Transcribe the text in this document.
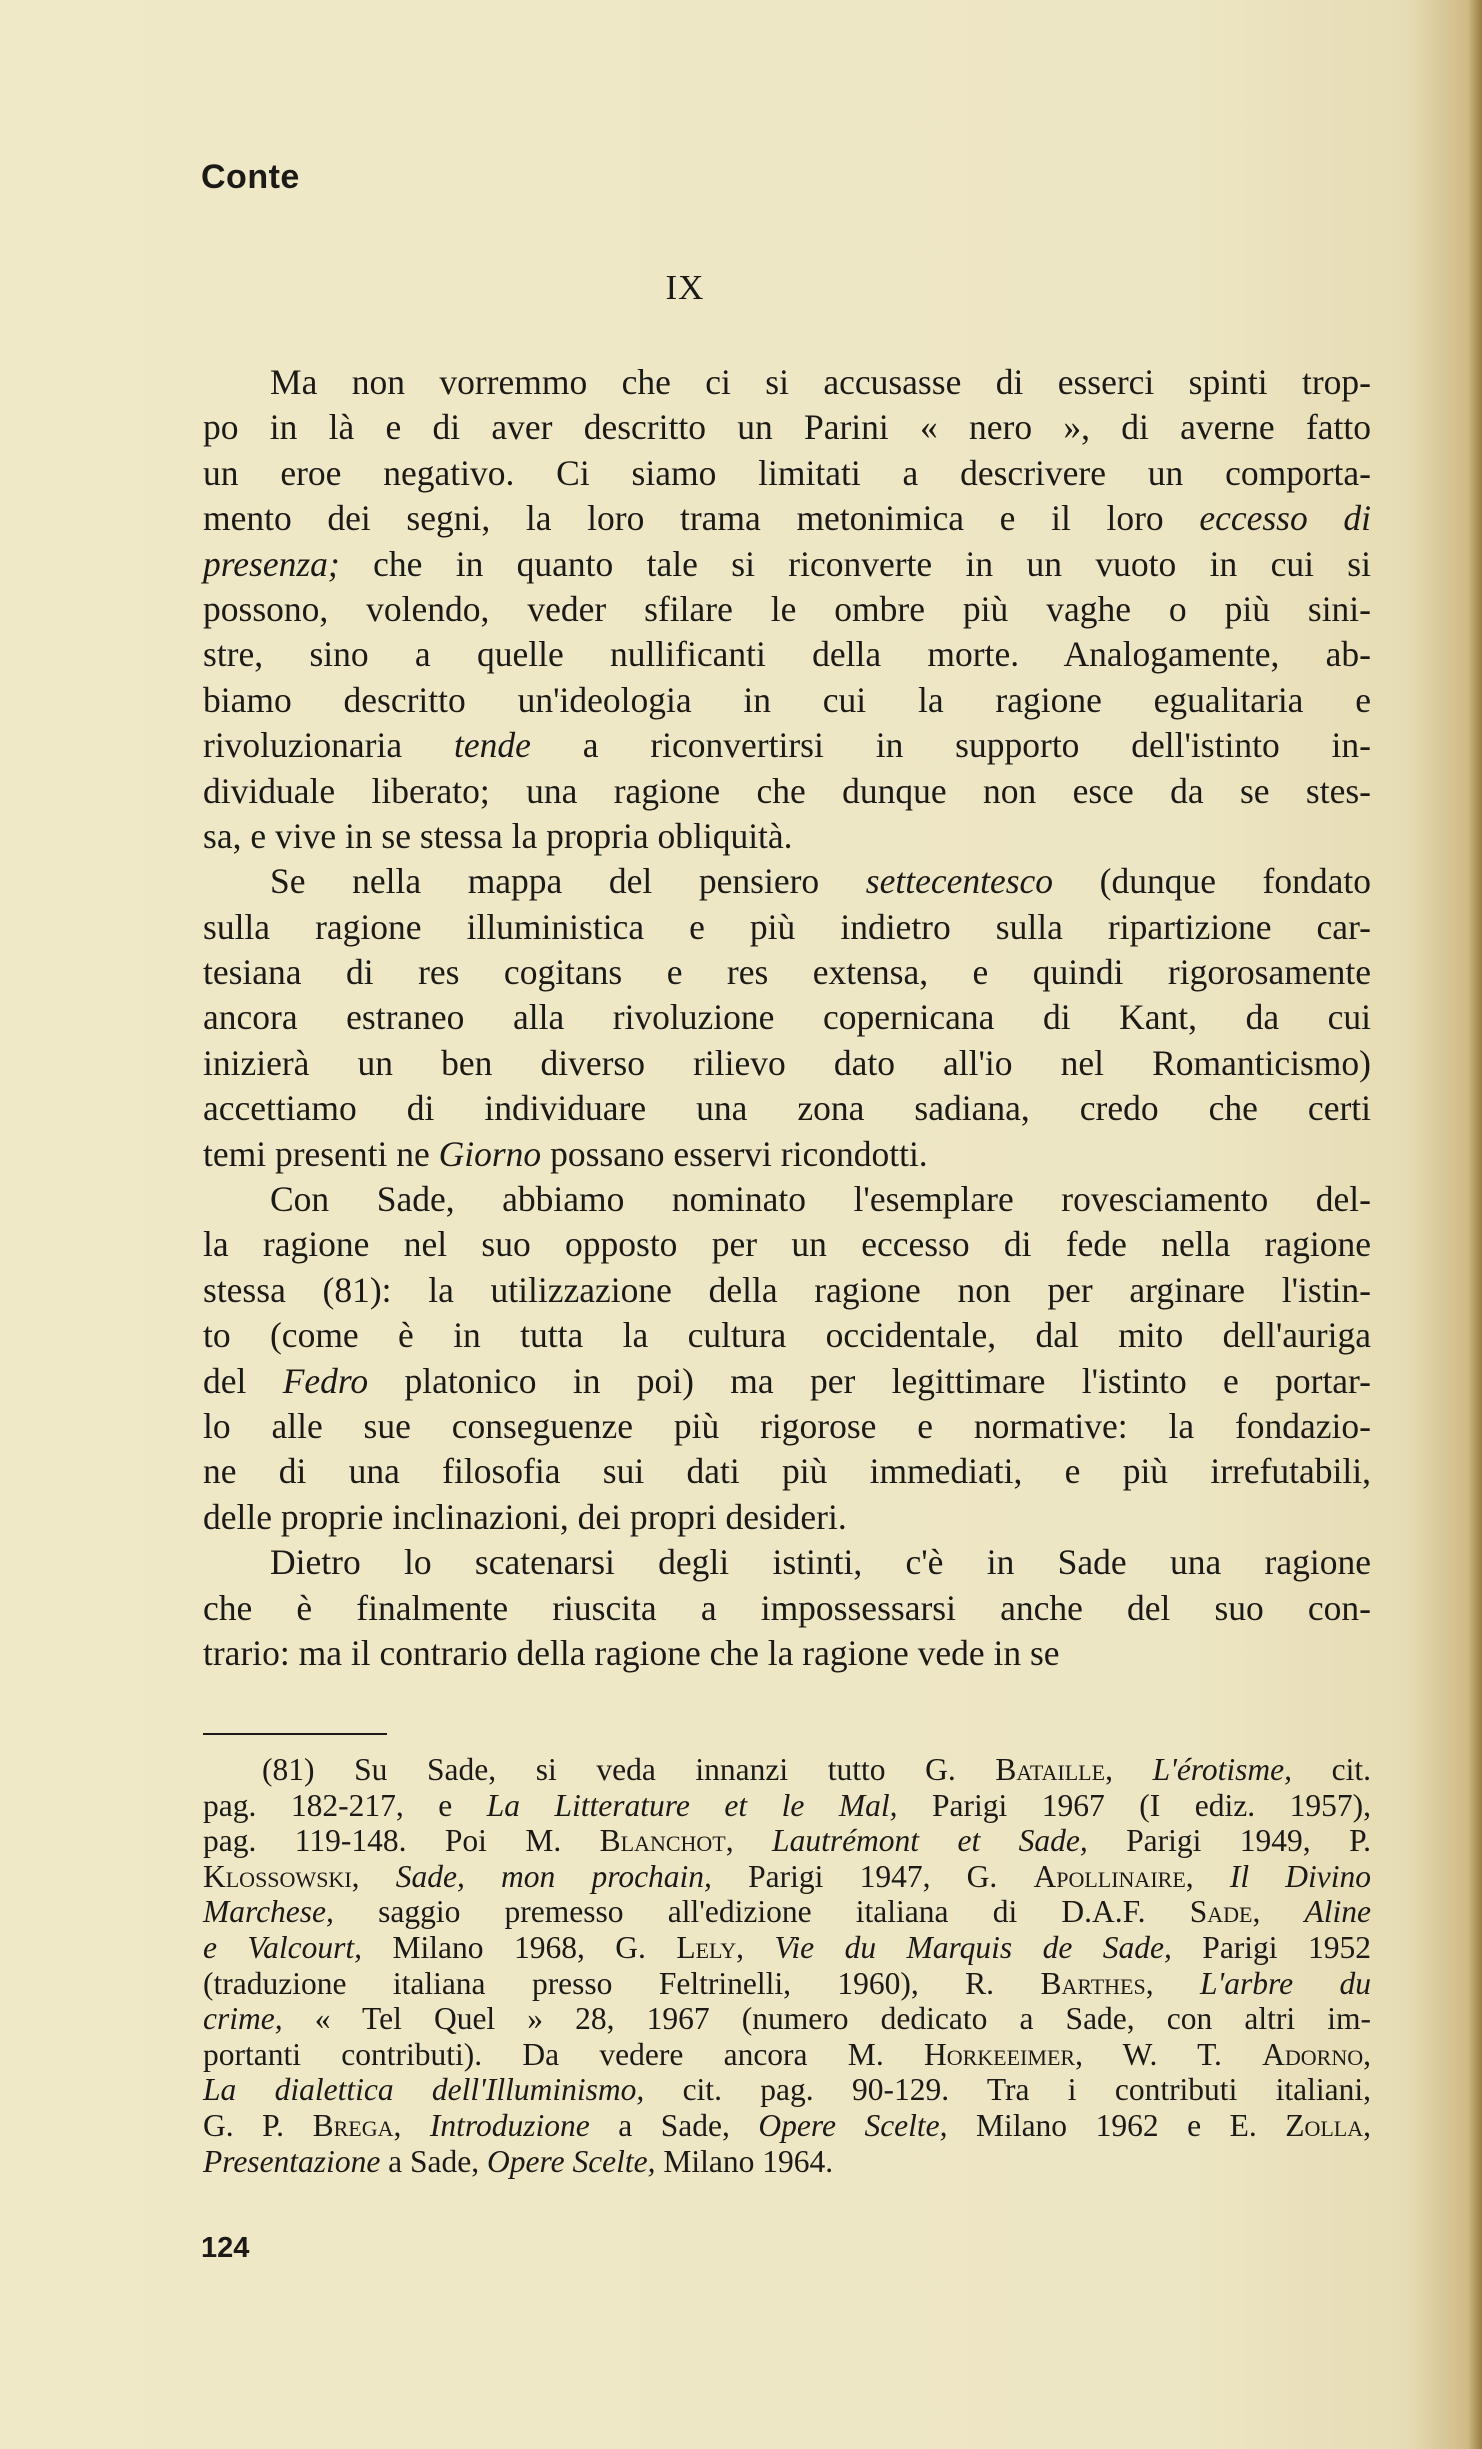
Conte
IX
Ma non vorremmo che ci si accusasse di esserci spinti trop-
po in là e di aver descritto un Parini « nero », di averne fatto
un eroe negativo. Ci siamo limitati a descrivere un comporta-
mento dei segni, la loro trama metonimica e il loro eccesso di
presenza; che in quanto tale si riconverte in un vuoto in cui si
possono, volendo, veder sfilare le ombre più vaghe o più sini-
stre, sino a quelle nullificanti della morte. Analogamente, ab-
biamo descritto un'ideologia in cui la ragione egualitaria e
rivoluzionaria tende a riconvertirsi in supporto dell'istinto in-
dividuale liberato; una ragione che dunque non esce da se stes-
sa, e vive in se stessa la propria obliquità.
Se nella mappa del pensiero settecentesco (dunque fondato
sulla ragione illuministica e più indietro sulla ripartizione car-
tesiana di res cogitans e res extensa, e quindi rigorosamente
ancora estraneo alla rivoluzione copernicana di Kant, da cui
inizierà un ben diverso rilievo dato all'io nel Romanticismo)
accettiamo di individuare una zona sadiana, credo che certi
temi presenti ne Giorno possano esservi ricondotti.
Con Sade, abbiamo nominato l'esemplare rovesciamento del-
la ragione nel suo opposto per un eccesso di fede nella ragione
stessa (81): la utilizzazione della ragione non per arginare l'istin-
to (come è in tutta la cultura occidentale, dal mito dell'auriga
del Fedro platonico in poi) ma per legittimare l'istinto e portar-
lo alle sue conseguenze più rigorose e normative: la fondazio-
ne di una filosofia sui dati più immediati, e più irrefutabili,
delle proprie inclinazioni, dei propri desideri.
Dietro lo scatenarsi degli istinti, c'è in Sade una ragione
che è finalmente riuscita a impossessarsi anche del suo con-
trario: ma il contrario della ragione che la ragione vede in se
(81) Su Sade, si veda innanzi tutto G. Bataille, L'érotisme, cit.
pag. 182-217, e La Litterature et le Mal, Parigi 1967 (I ediz. 1957),
pag. 119-148. Poi M. Blanchot, Lautrémont et Sade, Parigi 1949, P.
Klossowski, Sade, mon prochain, Parigi 1947, G. Apollinaire, Il Divino
Marchese, saggio premesso all'edizione italiana di D.A.F. Sade, Aline
e Valcourt, Milano 1968, G. Lely, Vie du Marquis de Sade, Parigi 1952
(traduzione italiana presso Feltrinelli, 1960), R. Barthes, L'arbre du
crime, « Tel Quel » 28, 1967 (numero dedicato a Sade, con altri im-
portanti contributi). Da vedere ancora M. Horkeeimer, W. T. Adorno,
La dialettica dell'Illuminismo, cit. pag. 90-129. Tra i contributi italiani,
G. P. Brega, Introduzione a Sade, Opere Scelte, Milano 1962 e E. Zolla,
Presentazione a Sade, Opere Scelte, Milano 1964.
124
